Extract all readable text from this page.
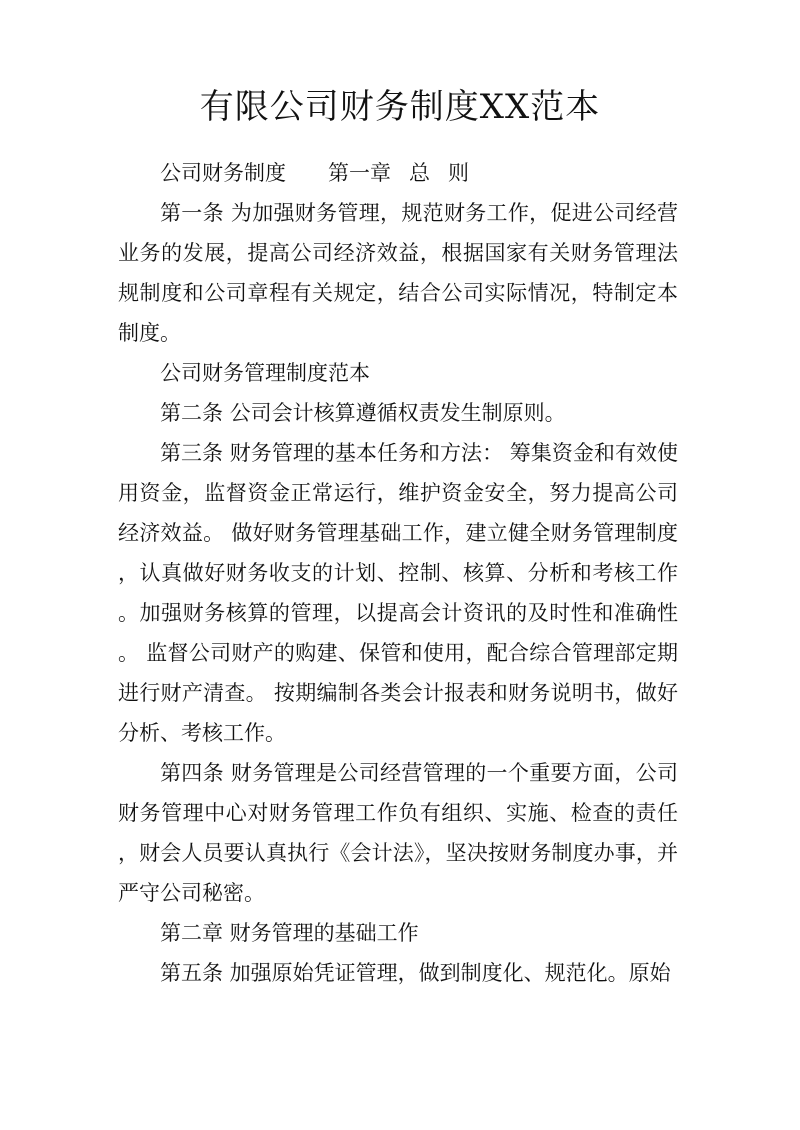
有限公司财务制度XX范本

公司财务制度 第一章 总 则

第一条 为加强财务管理，规范财务工作，促进公司经营业务的发展，提高公司经济效益，根据国家有关财务管理法规制度和公司章程有关规定，结合公司实际情况，特制定本制度。

公司财务管理制度范本

第二条 公司会计核算遵循权责发生制原则。

第三条 财务管理的基本任务和方法： 筹集资金和有效使用资金，监督资金正常运行，维护资金安全，努力提高公司经济效益。 做好财务管理基础工作，建立健全财务管理制度，认真做好财务收支的计划、控制、核算、分析和考核工作。加强财务核算的管理，以提高会计资讯的及时性和准确性。 监督公司财产的购建、保管和使用，配合综合管理部定期进行财产清查。 按期编制各类会计报表和财务说明书，做好分析、考核工作。

第四条 财务管理是公司经营管理的一个重要方面，公司财务管理中心对财务管理工作负有组织、实施、检查的责任，财会人员要认真执行《会计法》，坚决按财务制度办事，并严守公司秘密。

第二章 财务管理的基础工作

第五条 加强原始凭证管理，做到制度化、规范化。原始
